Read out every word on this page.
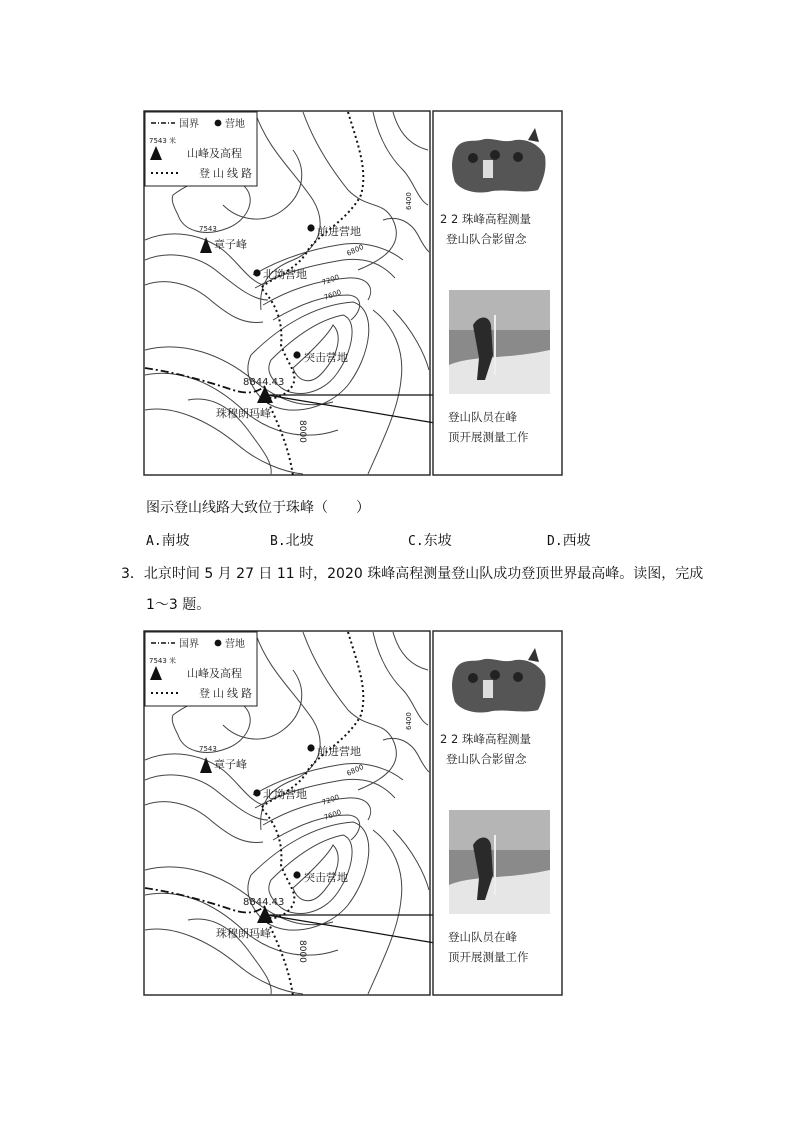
7543
章子峰
前进营地
北坳营地
突击营地
8844.43
珠穆朗玛峰
8000
6800
7200
7600
6400
国界	营地
7543 米
山峰及高程
登山线路
2 2 珠峰高程测量
登山队合影留念
登山队员在峰
顶开展测量工作
图示登山线路大致位于珠峰（　　）
A.南坡	B.北坡	C.东坡	D.西坡
3．北京时间 5 月 27 日 11 时，2020 珠峰高程测量登山队成功登顶世界最高峰。读图，完成
1～3 题。
7543
章子峰
前进营地
北坳营地
突击营地
8844.43
珠穆朗玛峰
8000
6800
7200
7600
6400
国界	营地
7543 米
山峰及高程
登山线路
2 2 珠峰高程测量
登山队合影留念
登山队员在峰
顶开展测量工作
